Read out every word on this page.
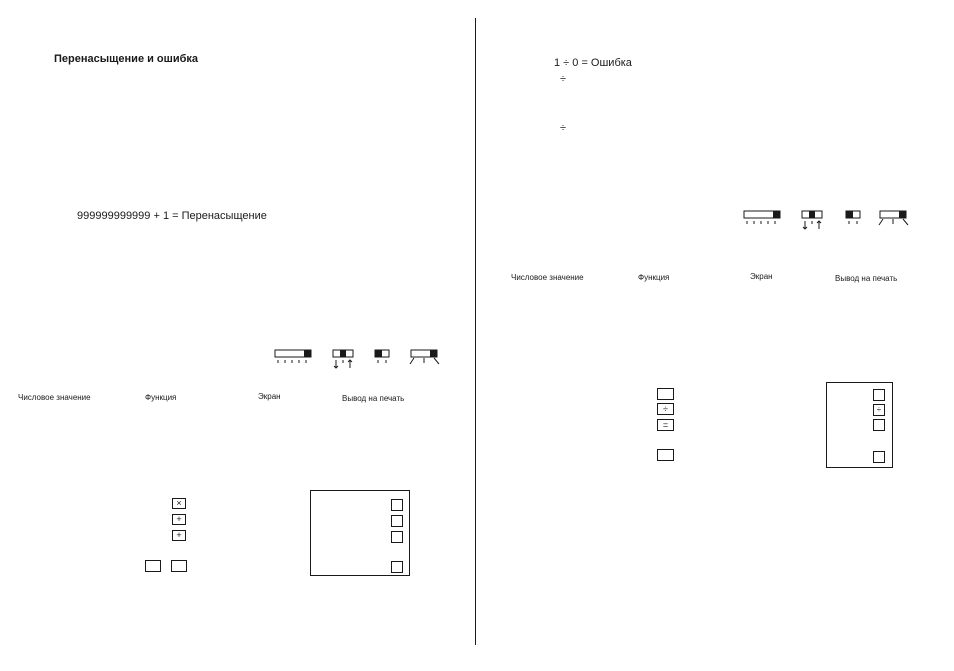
Перенасыщение и ошибка
999999999999 + 1 = Перенасыщение
Числовое значение	Функция	Экран	Вывод на печать
×
+
+
1 ÷ 0 = Ошибка
÷
÷
Числовое значение	Функция	Экран	Вывод на печать
÷
=
÷
